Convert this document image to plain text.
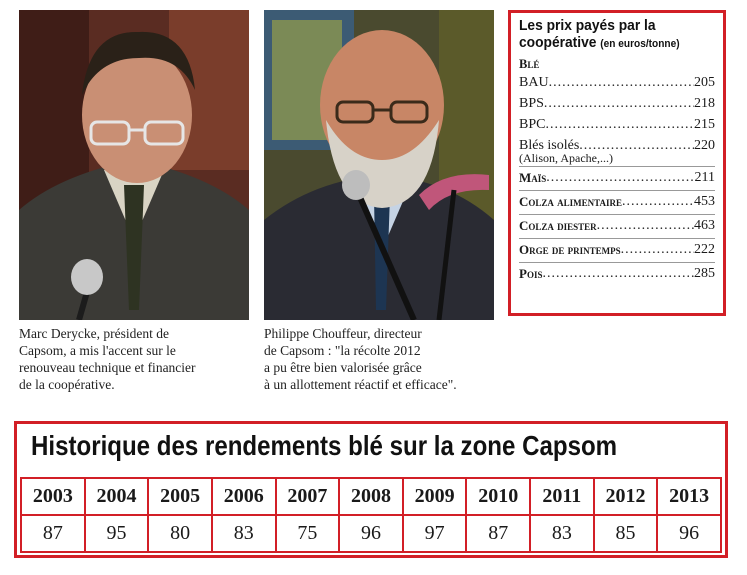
Marc Derycke, président de
Capsom, a mis l'accent sur le
renouveau technique et financier
de la coopérative.
Philippe Chouffeur, directeur
de Capsom : "la récolte 2012
a pu être bien valorisée grâce
à un allottement réactif et efficace".
Les prix payés par la
coopérative (en euros/tonne)
Blé
BAU .....	205
BPS .....	218
BPC .....	215
Blés isolés .....	220
(Alison, Apache,...)
Maïs .....	211
Colza alimentaire .....	453
Colza diester .....	463
Orge de printemps .....	222
Pois .....	285
Historique des rendements blé sur la zone Capsom
2003	2004	2005	2006	2007	2008	2009	2010	2011	2012	2013
87	95	80	83	75	96	97	87	83	85	96
